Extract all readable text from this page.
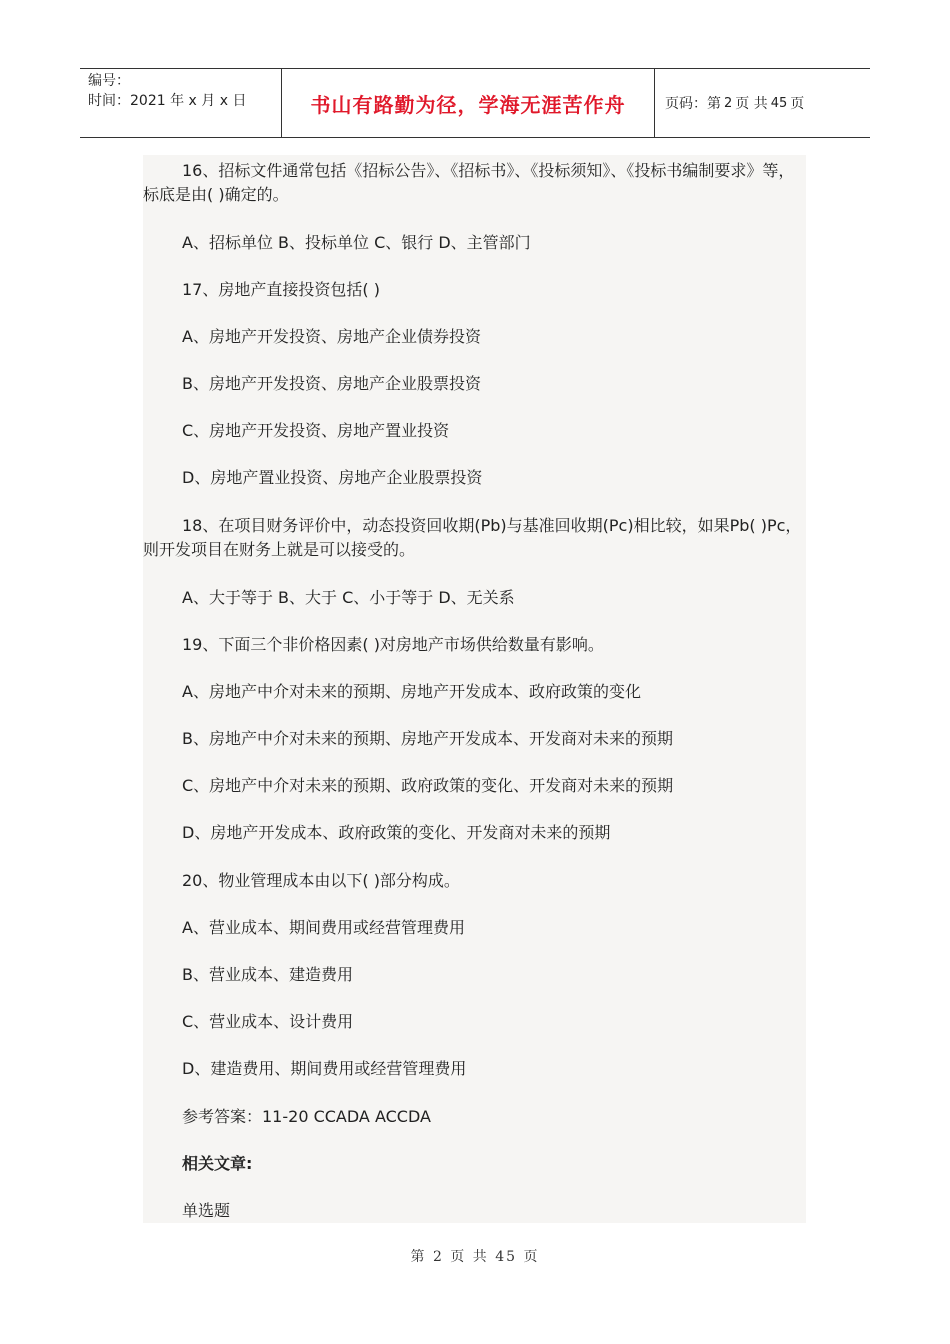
编号：
时间：2021 年 x 月 x 日	书山有路勤为径，学海无涯苦作舟	页码：第 2 页 共 45 页
16、招标文件通常包括《招标公告》、《招标书》、《投标须知》、《投标书编制要求》等，标底是由( )确定的。
A、招标单位 B、投标单位 C、银行 D、主管部门
17、房地产直接投资包括( )
A、房地产开发投资、房地产企业债券投资
B、房地产开发投资、房地产企业股票投资
C、房地产开发投资、房地产置业投资
D、房地产置业投资、房地产企业股票投资
18、在项目财务评价中，动态投资回收期(Pb)与基准回收期(Pc)相比较，如果Pb( )Pc，则开发项目在财务上就是可以接受的。
A、大于等于 B、大于 C、小于等于 D、无关系
19、下面三个非价格因素( )对房地产市场供给数量有影响。
A、房地产中介对未来的预期、房地产开发成本、政府政策的变化
B、房地产中介对未来的预期、房地产开发成本、开发商对未来的预期
C、房地产中介对未来的预期、政府政策的变化、开发商对未来的预期
D、房地产开发成本、政府政策的变化、开发商对未来的预期
20、物业管理成本由以下( )部分构成。
A、营业成本、期间费用或经营管理费用
B、营业成本、建造费用
C、营业成本、设计费用
D、建造费用、期间费用或经营管理费用
参考答案：11-20 CCADA ACCDA
相关文章:
单选题
第 2 页 共 45 页
